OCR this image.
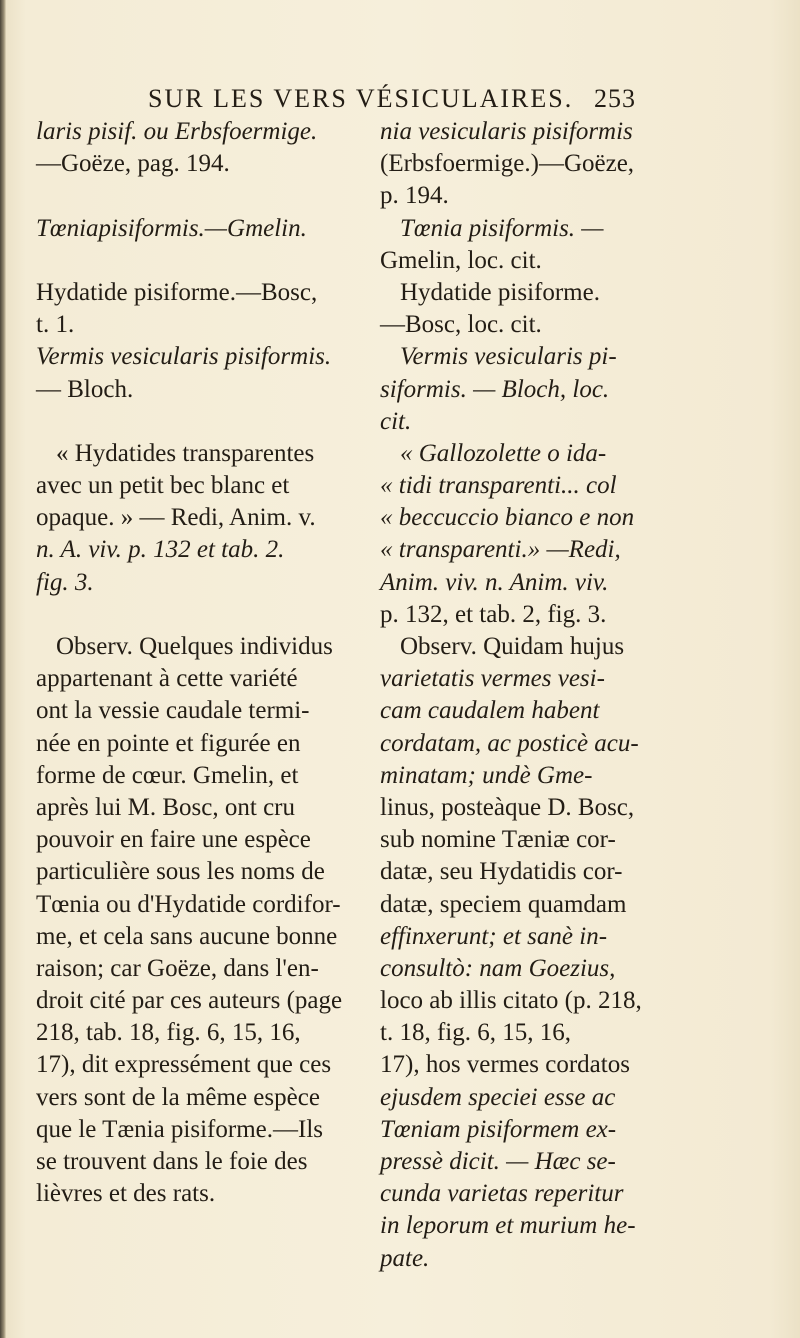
SUR LES VERS VÉSICULAIRES. 253
laris pisif. ou Erbsfoermige.
—Goëze, pag. 194.
Tœniapisiformis.—Gmelin.
Hydatide pisiforme.—Bosc,
t. 1.
Vermis vesicularis pisiformis.
— Bloch.
« Hydatides transparentes
avec un petit bec blanc et
opaque. » — Redi, Anim. v.
n. A. viv. p. 132 et tab. 2.
fig. 3.
Observ. Quelques individus
appartenant à cette variété
ont la vessie caudale termi-
née en pointe et figurée en
forme de cœur. Gmelin, et
après lui M. Bosc, ont cru
pouvoir en faire une espèce
particulière sous les noms de
Tœnia ou d'Hydatide cordifor-
me, et cela sans aucune bonne
raison; car Goëze, dans l'en-
droit cité par ces auteurs (page
218, tab. 18, fig. 6, 15, 16,
17), dit expressément que ces
vers sont de la même espèce
que le Tænia pisiforme.—Ils
se trouvent dans le foie des
lièvres et des rats.
nia vesicularis pisiformis
(Erbsfoermige.)—Goëze,
p. 194.
Tœnia pisiformis. —
Gmelin, loc. cit.
Hydatide pisiforme.
—Bosc, loc. cit.
Vermis vesicularis pi-
siformis. — Bloch, loc.
cit.
« Gallozolette o ida-
« tidi transparenti... col
« beccuccio bianco e non
« transparenti.» —Redi,
Anim. viv. n. Anim. viv.
p. 132, et tab. 2, fig. 3.
Observ. Quidam hujus
varietatis vermes vesi-
cam caudalem habent
cordatam, ac posticè acu-
minatam; undè Gme-
linus, posteàque D. Bosc,
sub nomine Tæniæ cor-
datæ, seu Hydatidis cor-
datæ, speciem quamdam
effinxerunt; et sanè in-
consultò: nam Goezius,
loco ab illis citato (p. 218,
t. 18, fig. 6, 15, 16,
17), hos vermes cordatos
ejusdem speciei esse ac
Tœniam pisiformem ex-
pressè dicit. — Hæc se-
cunda varietas reperitur
in leporum et murium he-
pate.
